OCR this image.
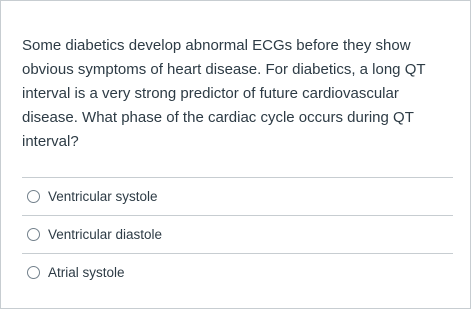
Some diabetics develop abnormal ECGs before they show obvious symptoms of heart disease. For diabetics, a long QT interval is a very strong predictor of future cardiovascular disease. What phase of the cardiac cycle occurs during QT interval?
Ventricular systole
Ventricular diastole
Atrial systole
